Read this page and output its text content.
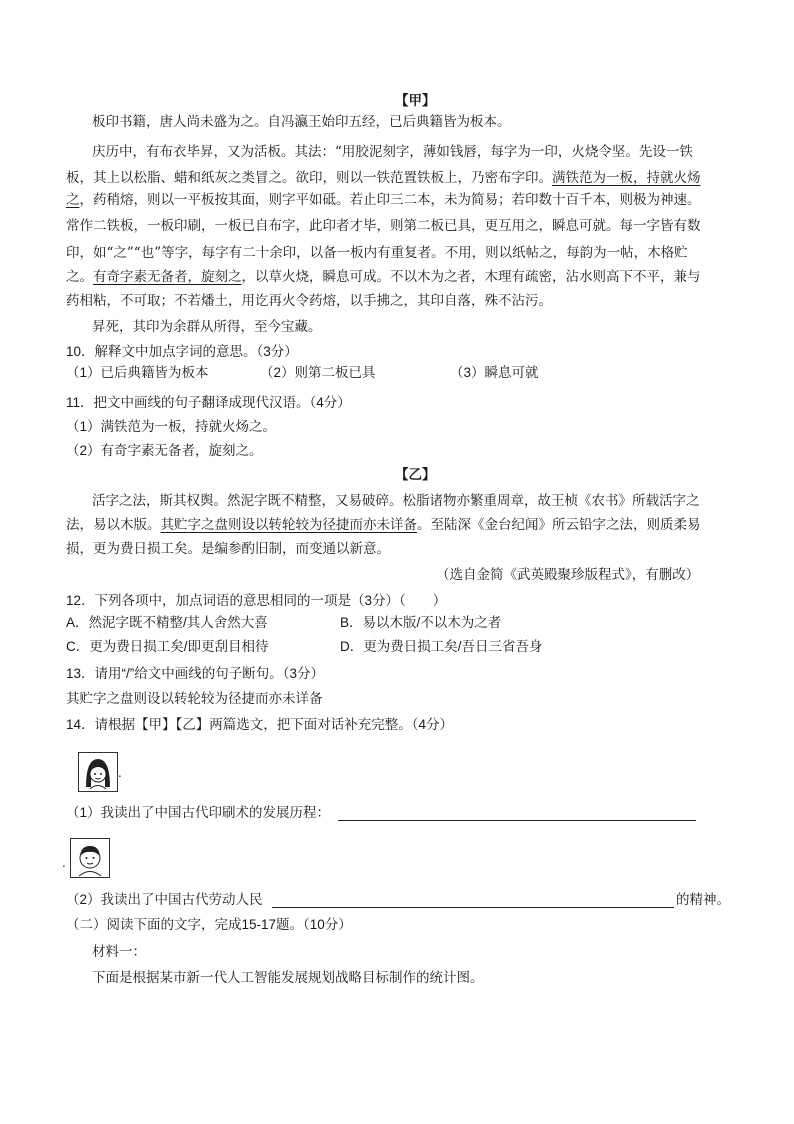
【甲】
板印书籍，唐人尚未盛为之。自冯瀛王始印五经，已后典籍皆为板本。
庆历中，有布衣毕昇，又为活板。其法：“用胶泥刻字，薄如钱唇，每字为一印，火烧令坚。先设一铁
板，其上以松脂、蜡和纸灰之类冒之。欲印，则以一铁范置铁板上，乃密布字印。满铁范为一板，持就火炀
之，药稍熔，则以一平板按其面，则字平如砥。若止印三二本，未为简易；若印数十百千本，则极为神速。
常作二铁板，一板印刷，一板已自布字，此印者才毕，则第二板已具，更互用之，瞬息可就。每一字皆有数
印，如“之”“也”等字，每字有二十余印，以备一板内有重复者。不用，则以纸帖之，每韵为一帖，木格贮
之。有奇字素无备者，旋刻之，以草火烧，瞬息可成。不以木为之者，木理有疏密，沾水则高下不平，兼与
药相粘，不可取；不若燔土，用讫再火令药熔，以手拂之，其印自落，殊不沾污。
昇死，其印为余群从所得，至今宝藏。
10．解释文中加点字词的意思。（3分）
（1）已后典籍皆为板本	（2）则第二板已具	（3）瞬息可就
11．把文中画线的句子翻译成现代汉语。（4分）
（1）满铁范为一板，持就火炀之。
（2）有奇字素无备者，旋刻之。
【乙】
活字之法，斯其权舆。然泥字既不精整，又易破碎。松脂诸物亦繁重周章，故王桢《农书》所载活字之
法，易以木版。其贮字之盘则设以转轮较为径捷而亦未详备。至陆深《金台纪闻》所云铅字之法，则质柔易
损，更为费日损工矣。是编参酌旧制，而变通以新意。
（选自金简《武英殿聚珍版程式》，有删改）
12．下列各项中，加点词语的意思相同的一项是（3分）（　　）
A．然泥字既不精整/其人舍然大喜	B．易以木版/不以木为之者
C．更为费日损工矣/即更刮目相待	D．更为费日损工矣/吾日三省吾身
13．请用“/”给文中画线的句子断句。（3分）
其贮字之盘则设以转轮较为径捷而亦未详备
14．请根据【甲】【乙】两篇选文，把下面对话补充完整。（4分）
.
（1）我读出了中国古代印刷术的发展历程：
.
（2）我读出了中国古代劳动人民	的精神。
（二）阅读下面的文字，完成15-17题。（10分）
材料一：
下面是根据某市新一代人工智能发展规划战略目标制作的统计图。
